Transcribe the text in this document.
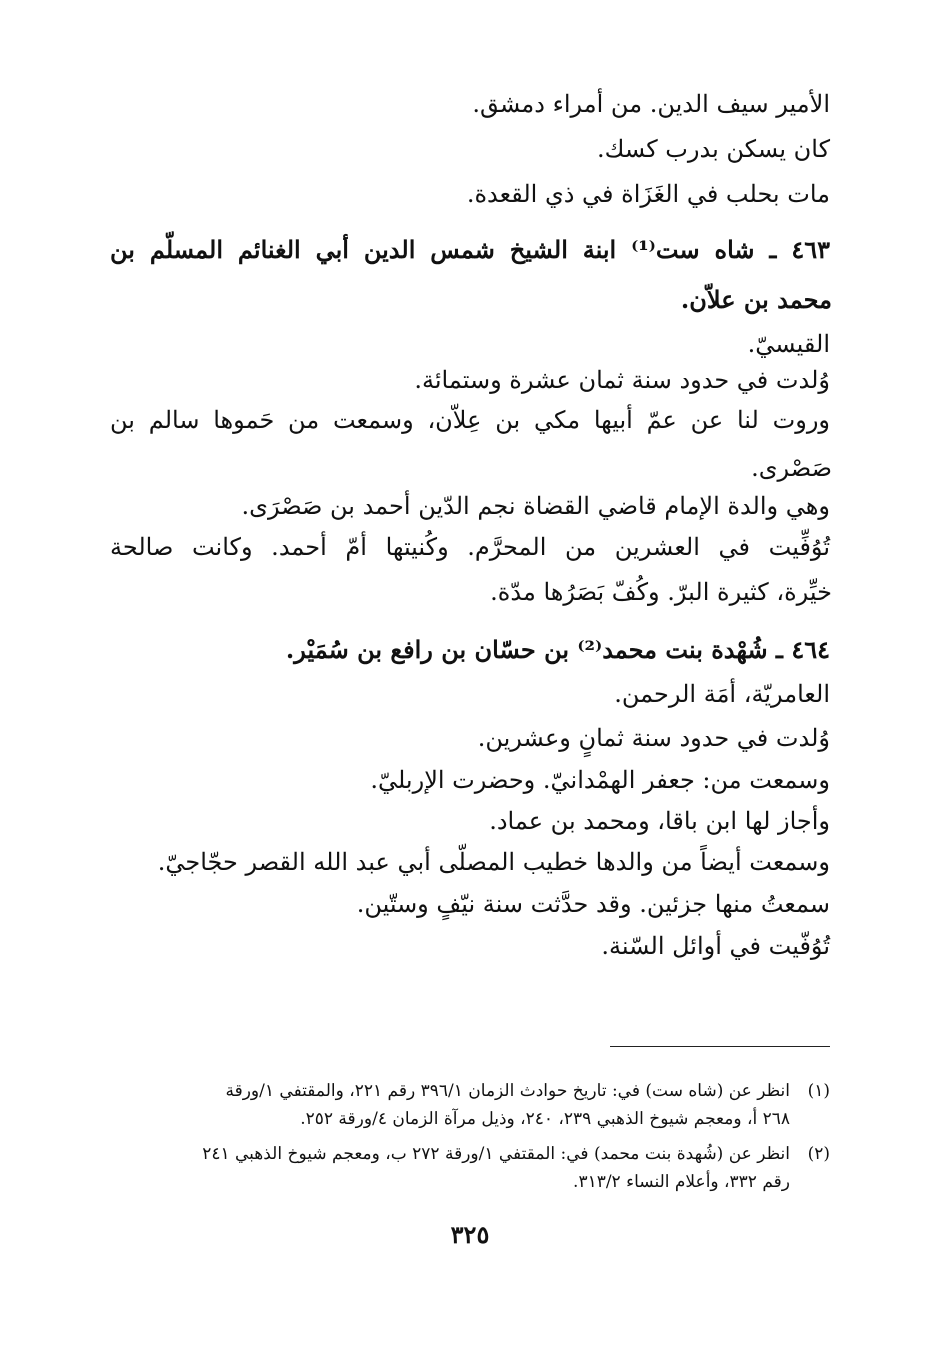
الأمير سيف الدين. من أمراء دمشق.
كان يسكن بدرب كسك.
مات بحلب في الغَزَاة في ذي القعدة.
٤٦٣ ـ شاه ست⁽¹⁾ ابنة الشيخ شمس الدين أبي الغنائم المسلّم بن
محمد بن علاّن.
القيسيّ.
وُلدت في حدود سنة ثمان عشرة وستمائة.
وروت لنا عن عمّ أبيها مكي بن عِلاّن، وسمعت من حَموها سالم بن
صَصْرى.
وهي والدة الإمام قاضي القضاة نجم الدّين أحمد بن صَصْرَى.
تُوُفِّيت في العشرين من المحرَّم. وكُنيتها أمّ أحمد. وكانت صالحة
خيِّرة، كثيرة البرّ. وكُفّ بَصَرُها مدّة.
٤٦٤ ـ شُهْدة بنت محمد⁽²⁾ بن حسّان بن رافع بن سُمَيْر.
العامريّة، أمَة الرحمن.
وُلدت في حدود سنة ثمانٍ وعشرين.
وسمعت من: جعفر الهمْدانيّ. وحضرت الإربليّ.
وأجاز لها ابن باقا، ومحمد بن عماد.
وسمعت أيضاً من والدها خطيب المصلّى أبي عبد الله القصر حجّاجيّ.
سمعتُ منها جزئين. وقد حدَّثت سنة نيّفٍ وستّين.
تُوُفّيت في أوائل السّنة.
(١)انظر عن (شاه ست) في: تاريخ حوادث الزمان ٣٩٦/١ رقم ٢٢١، والمقتفي ١/ورقة
٢٦٨ أ، ومعجم شيوخ الذهبي ٢٣٩، ٢٤٠، وذيل مرآة الزمان ٤/ورقة ٢٥٢.
(٢)انظر عن (شُهدة بنت محمد) في: المقتفي ١/ورقة ٢٧٢ ب، ومعجم شيوخ الذهبي ٢٤١
رقم ٣٣٢، وأعلام النساء ٣١٣/٢.
٣٢٥
